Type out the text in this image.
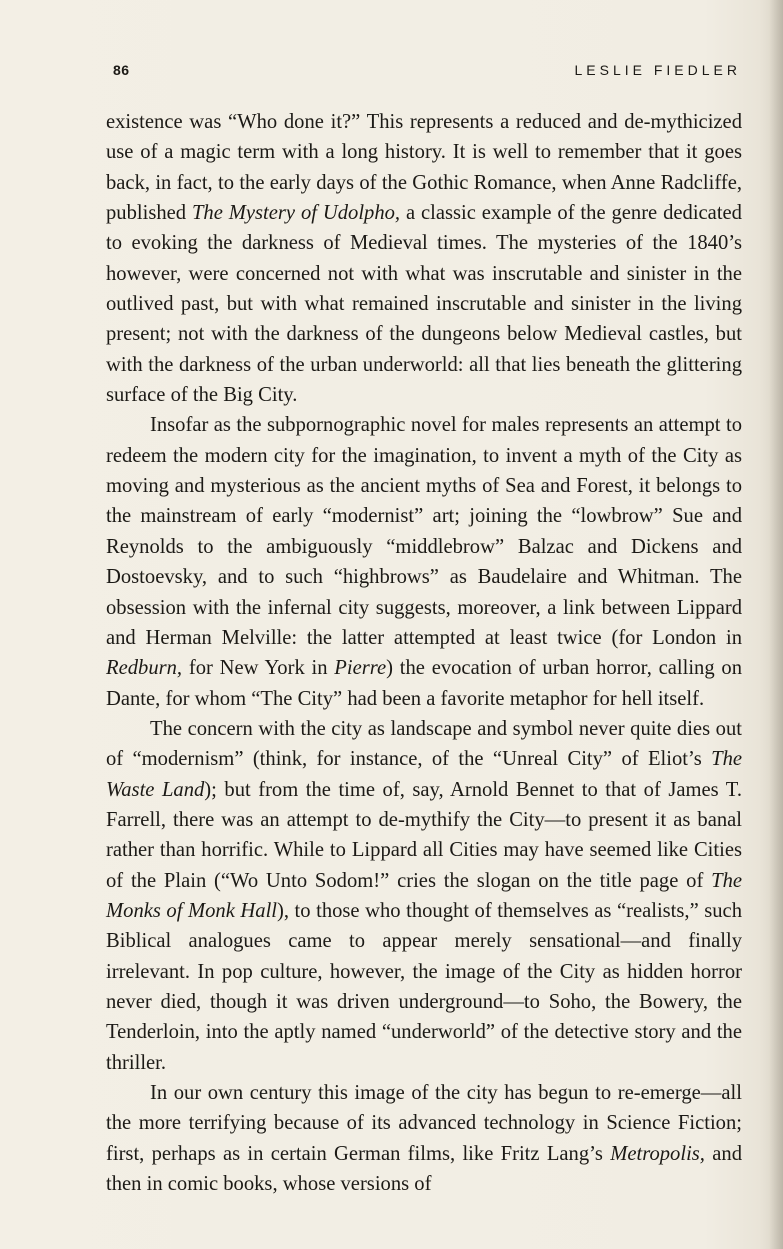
86	LESLIE FIEDLER

existence was “Who done it?” This represents a reduced and de-mythicized use of a magic term with a long history. It is well to remember that it goes back, in fact, to the early days of the Gothic Romance, when Anne Radcliffe, published The Mystery of Udolpho, a classic example of the genre dedicated to evoking the darkness of Medieval times. The mysteries of the 1840’s however, were concerned not with what was inscrutable and sinister in the outlived past, but with what remained inscrutable and sinister in the living present; not with the darkness of the dungeons below Medieval castles, but with the darkness of the urban underworld: all that lies beneath the glittering surface of the Big City.

Insofar as the subpornographic novel for males represents an attempt to redeem the modern city for the imagination, to invent a myth of the City as moving and mysterious as the ancient myths of Sea and Forest, it belongs to the mainstream of early “modernist” art; joining the “lowbrow” Sue and Reynolds to the ambiguously “middlebrow” Balzac and Dickens and Dostoevsky, and to such “highbrows” as Baudelaire and Whitman. The obsession with the infernal city suggests, moreover, a link between Lippard and Herman Melville: the latter attempted at least twice (for London in Redburn, for New York in Pierre) the evocation of urban horror, calling on Dante, for whom “The City” had been a favorite metaphor for hell itself.

The concern with the city as landscape and symbol never quite dies out of “modernism” (think, for instance, of the “Unreal City” of Eliot’s The Waste Land); but from the time of, say, Arnold Bennet to that of James T. Farrell, there was an attempt to de-mythify the City—to present it as banal rather than horrific. While to Lippard all Cities may have seemed like Cities of the Plain (“Wo Unto Sodom!” cries the slogan on the title page of The Monks of Monk Hall), to those who thought of themselves as “realists,” such Biblical analogues came to appear merely sensational—and finally irrelevant. In pop culture, however, the image of the City as hidden horror never died, though it was driven underground—to Soho, the Bowery, the Tenderloin, into the aptly named “underworld” of the detective story and the thriller.

In our own century this image of the city has begun to re-emerge—all the more terrifying because of its advanced technology in Science Fiction; first, perhaps as in certain German films, like Fritz Lang’s Metropolis, and then in comic books, whose versions of
